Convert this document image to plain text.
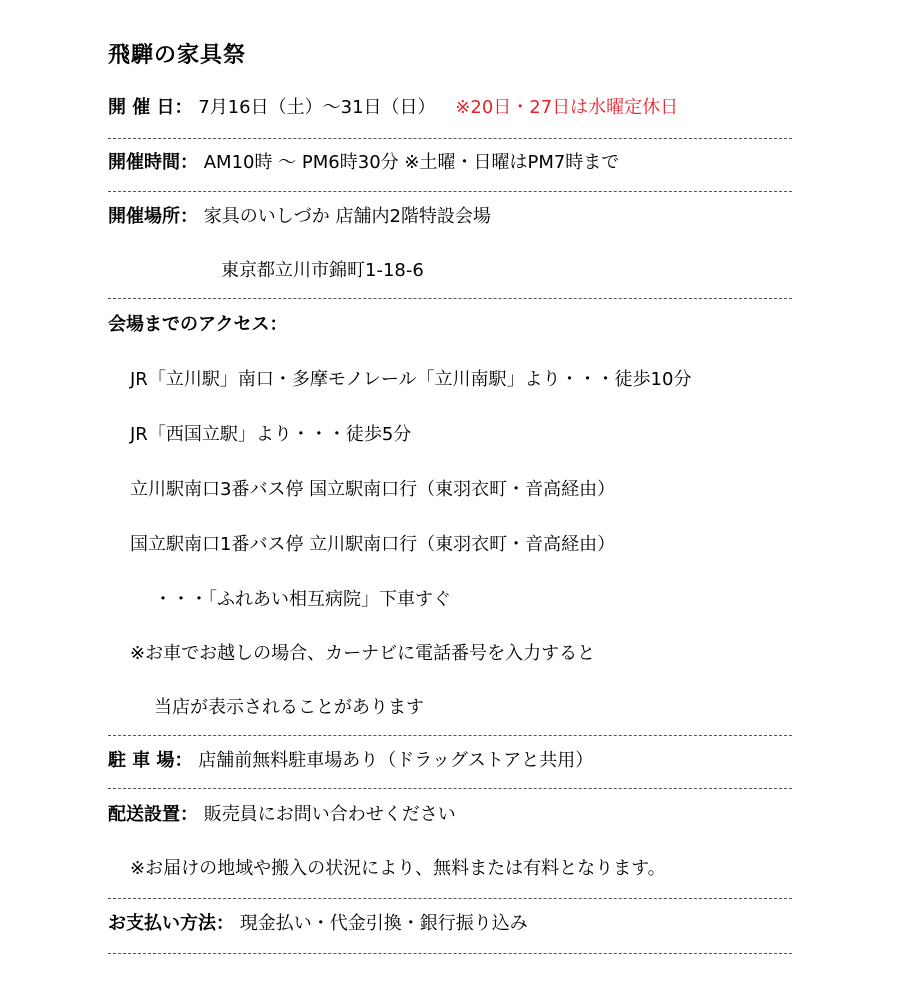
飛騨の家具祭
開 催 日： 7月16日（土）～31日（日） ※20日・27日は水曜定休日
開催時間： AM10時 ～ PM6時30分 ※土曜・日曜はPM7時まで
開催場所： 家具のいしづか 店舗内2階特設会場
東京都立川市錦町1-18-6
会場までのアクセス：
JR「立川駅」南口・多摩モノレール「立川南駅」より・・・徒歩10分
JR「西国立駅」より・・・徒歩5分
立川駅南口3番バス停 国立駅南口行（東羽衣町・音高経由）
国立駅南口1番バス停 立川駅南口行（東羽衣町・音高経由）
・・・「ふれあい相互病院」下車すぐ
※お車でお越しの場合、カーナビに電話番号を入力すると
当店が表示されることがあります
駐 車 場： 店舗前無料駐車場あり（ドラッグストアと共用）
配送設置： 販売員にお問い合わせください
※お届けの地域や搬入の状況により、無料または有料となります。
お支払い方法： 現金払い・代金引換・銀行振り込み
